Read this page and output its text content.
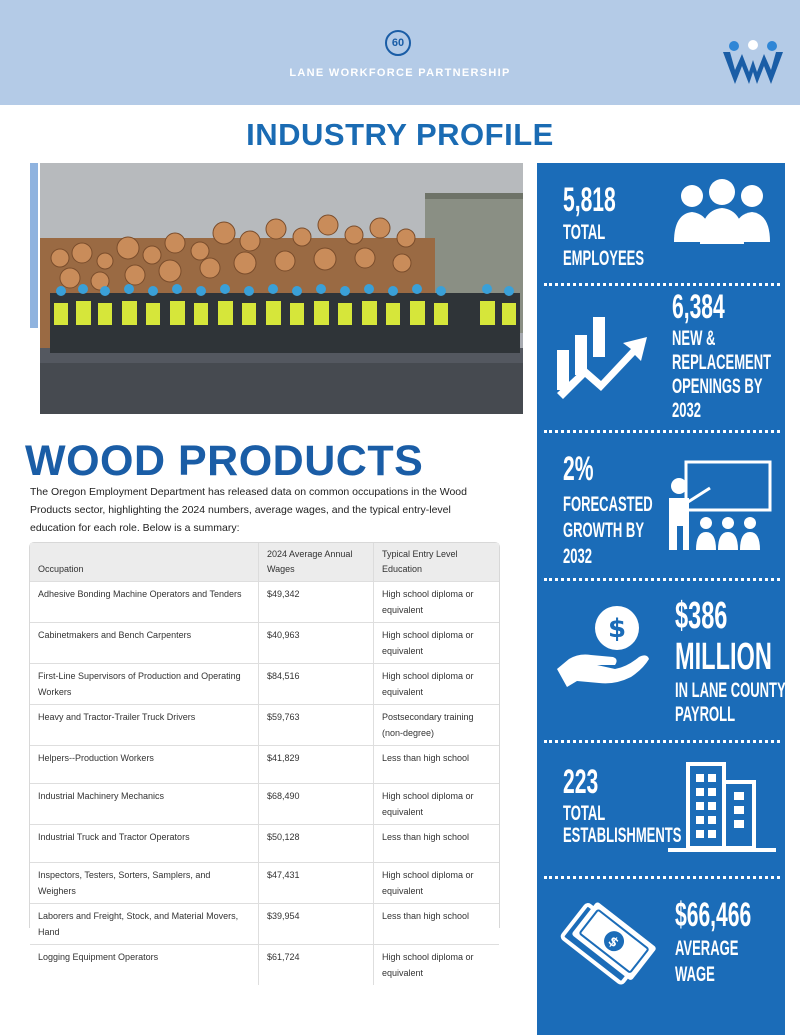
60
LANE WORKFORCE PARTNERSHIP
INDUSTRY PROFILE
WOOD PRODUCTS
The Oregon Employment Department has released data on common occupations in the Wood Products sector, highlighting the 2024 numbers, average wages, and the typical entry-level education for each role. Below is a summary:
Occupation	2024 Average Annual Wages	Typical Entry Level Education
Adhesive Bonding Machine Operators and Tenders	$49,342	High school diploma or equivalent
Cabinetmakers and Bench Carpenters	$40,963	High school diploma or equivalent
First-Line Supervisors of Production and Operating Workers	$84,516	High school diploma or equivalent
Heavy and Tractor-Trailer Truck Drivers	$59,763	Postsecondary training (non-degree)
Helpers--Production Workers	$41,829	Less than high school
Industrial Machinery Mechanics	$68,490	High school diploma or equivalent
Industrial Truck and Tractor Operators	$50,128	Less than high school
Inspectors, Testers, Sorters, Samplers, and Weighers	$47,431	High school diploma or equivalent
Laborers and Freight, Stock, and Material Movers, Hand	$39,954	Less than high school
Logging Equipment Operators	$61,724	High school diploma or equivalent
5,818
TOTAL
EMPLOYEES
6,384
NEW &
REPLACEMENT
OPENINGS BY
2032
2%
FORECASTED
GROWTH BY
2032
$386
MILLION
IN LANE COUNTY
PAYROLL
$
223
TOTAL
ESTABLISHMENTS
$66,466
AVERAGE
WAGE
$
